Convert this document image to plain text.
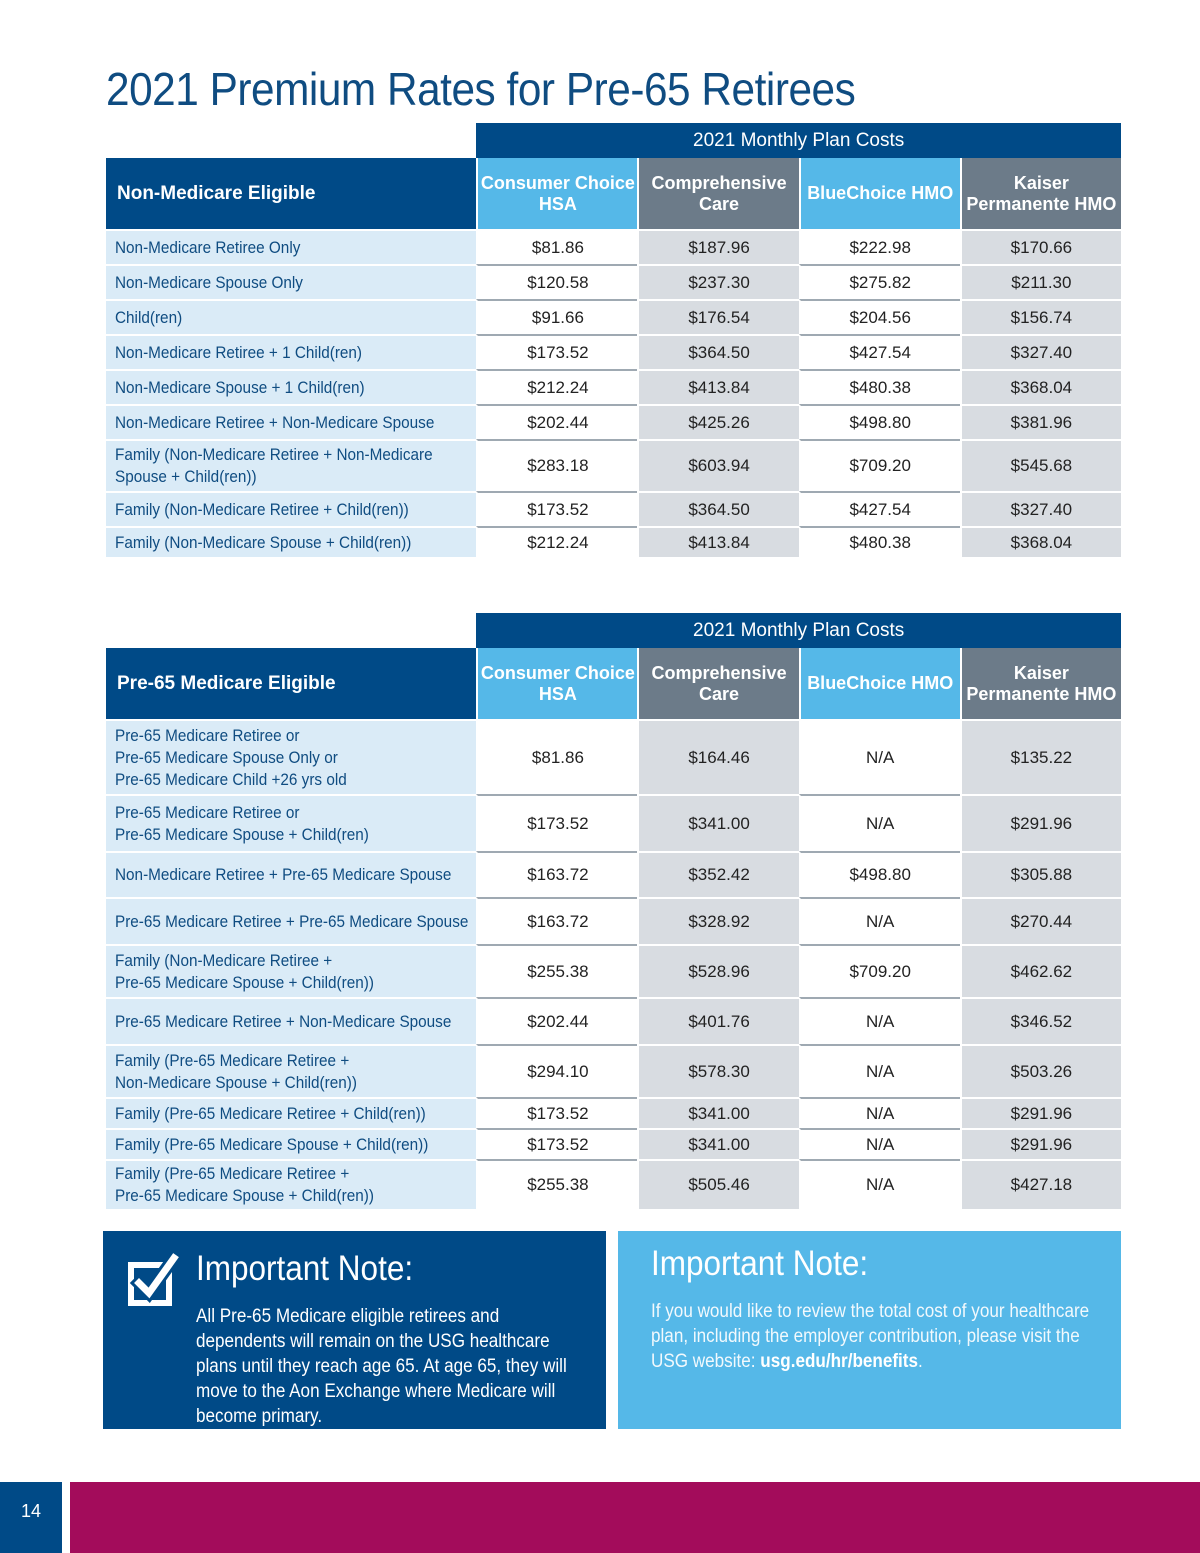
2021 Premium Rates for Pre-65 Retirees
	2021 Monthly Plan Costs			
Non-Medicare Eligible	Consumer Choice HSA	Comprehensive Care	BlueChoice HMO	Kaiser Permanente HMO
Non-Medicare Retiree Only	$81.86	$187.96	$222.98	$170.66
Non-Medicare Spouse Only	$120.58	$237.30	$275.82	$211.30
Child(ren)	$91.66	$176.54	$204.56	$156.74
Non-Medicare Retiree + 1 Child(ren)	$173.52	$364.50	$427.54	$327.40
Non-Medicare Spouse + 1 Child(ren)	$212.24	$413.84	$480.38	$368.04
Non-Medicare Retiree + Non-Medicare Spouse	$202.44	$425.26	$498.80	$381.96
Family (Non-Medicare Retiree + Non-Medicare
Spouse + Child(ren))	$283.18	$603.94	$709.20	$545.68
Family (Non-Medicare Retiree + Child(ren))	$173.52	$364.50	$427.54	$327.40
Family (Non-Medicare Spouse + Child(ren))	$212.24	$413.84	$480.38	$368.04
	2021 Monthly Plan Costs			
Pre-65 Medicare Eligible	Consumer Choice HSA	Comprehensive Care	BlueChoice HMO	Kaiser Permanente HMO
Pre-65 Medicare Retiree or
Pre-65 Medicare Spouse Only or
Pre-65 Medicare Child +26 yrs old	$81.86	$164.46	N/A	$135.22
Pre-65 Medicare Retiree or
Pre-65 Medicare Spouse + Child(ren)	$173.52	$341.00	N/A	$291.96
Non-Medicare Retiree + Pre-65 Medicare Spouse	$163.72	$352.42	$498.80	$305.88
Pre-65 Medicare Retiree + Pre-65 Medicare Spouse	$163.72	$328.92	N/A	$270.44
Family (Non-Medicare Retiree +
Pre-65 Medicare Spouse + Child(ren))	$255.38	$528.96	$709.20	$462.62
Pre-65 Medicare Retiree + Non-Medicare Spouse	$202.44	$401.76	N/A	$346.52
Family (Pre-65 Medicare Retiree +
Non-Medicare Spouse + Child(ren))	$294.10	$578.30	N/A	$503.26
Family (Pre-65 Medicare Retiree + Child(ren))	$173.52	$341.00	N/A	$291.96
Family (Pre-65 Medicare Spouse + Child(ren))	$173.52	$341.00	N/A	$291.96
Family (Pre-65 Medicare Retiree +
Pre-65 Medicare Spouse + Child(ren))	$255.38	$505.46	N/A	$427.18
Important Note:
All Pre-65 Medicare eligible retirees and dependents will remain on the USG healthcare plans until they reach age 65. At age 65, they will move to the Aon Exchange where Medicare will become primary.
Important Note:
If you would like to review the total cost of your healthcare plan, including the employer contribution, please visit the USG website: usg.edu/hr/benefits.
14
